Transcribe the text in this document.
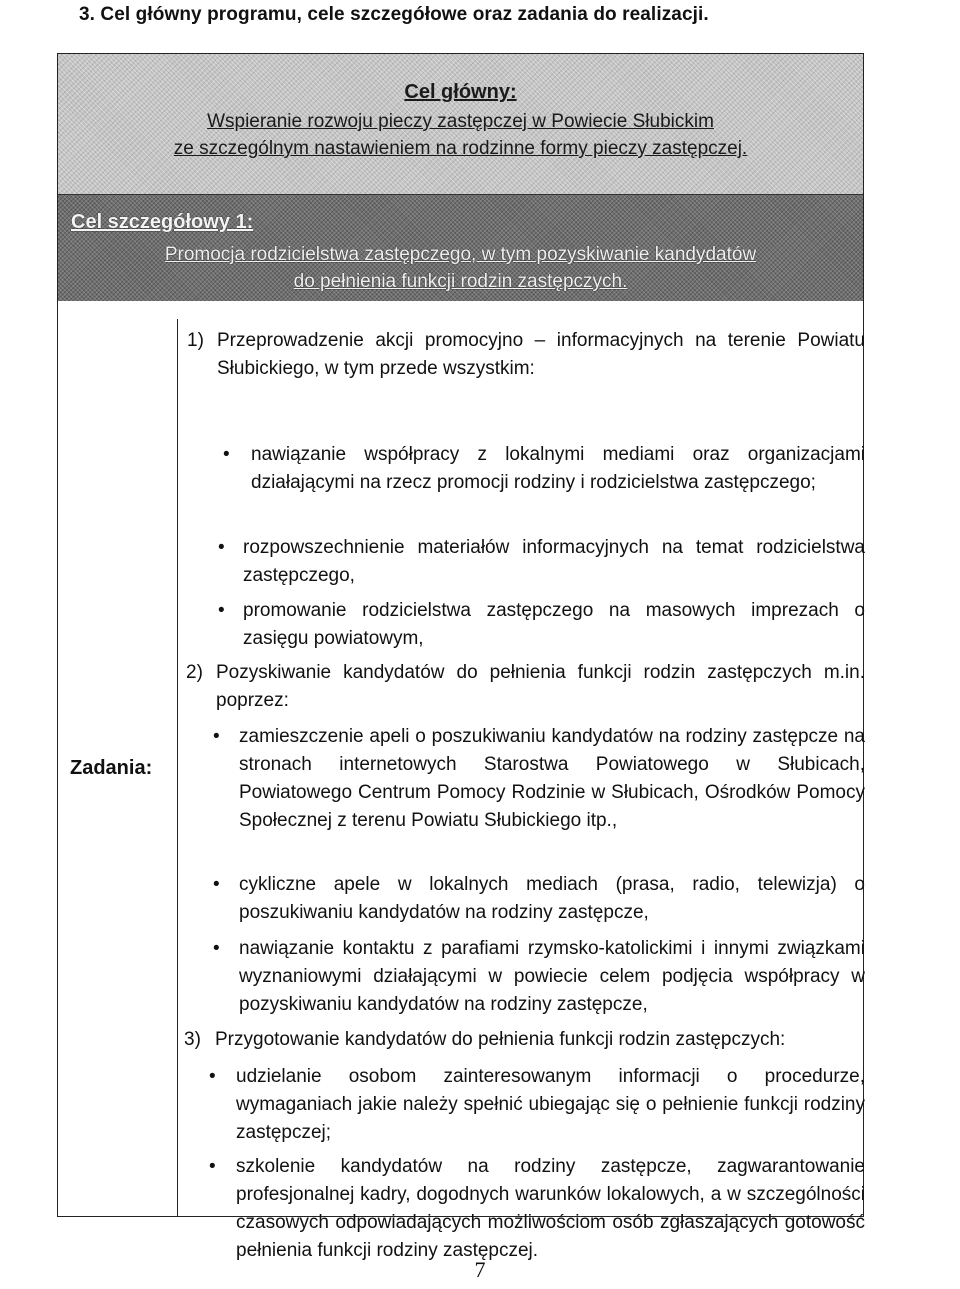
3. Cel główny programu, cele szczegółowe oraz zadania do realizacji.
Cel główny:
Wspieranie rozwoju pieczy zastępczej w Powiecie Słubickim
ze szczególnym nastawieniem na rodzinne formy pieczy zastępczej.
Cel szczegółowy 1:
Promocja rodzicielstwa zastępczego, w tym pozyskiwanie kandydatów
do pełnienia funkcji rodzin zastępczych.
Zadania:
1) Przeprowadzenie akcji promocyjno – informacyjnych na terenie Powiatu Słubickiego, w tym przede wszystkim:
• nawiązanie współpracy z lokalnymi mediami oraz organizacjami działającymi na rzecz promocji rodziny i rodzicielstwa zastępczego;
• rozpowszechnienie materiałów informacyjnych na temat rodzicielstwa zastępczego,
• promowanie rodzicielstwa zastępczego na masowych imprezach o zasięgu powiatowym,
2) Pozyskiwanie kandydatów do pełnienia funkcji rodzin zastępczych m.in. poprzez:
• zamieszczenie apeli o poszukiwaniu kandydatów na rodziny zastępcze na stronach internetowych Starostwa Powiatowego w Słubicach, Powiatowego Centrum Pomocy Rodzinie w Słubicach, Ośrodków Pomocy Społecznej z terenu Powiatu Słubickiego itp.,
• cykliczne apele w lokalnych mediach (prasa, radio, telewizja) o poszukiwaniu kandydatów na rodziny zastępcze,
• nawiązanie kontaktu z parafiami rzymsko-katolickimi i innymi związkami wyznaniowymi działającymi w powiecie celem podjęcia współpracy w pozyskiwaniu kandydatów na rodziny zastępcze,
3) Przygotowanie kandydatów do pełnienia funkcji rodzin zastępczych:
• udzielanie osobom zainteresowanym informacji o procedurze, wymaganiach jakie należy spełnić ubiegając się o pełnienie funkcji rodziny zastępczej;
• szkolenie kandydatów na rodziny zastępcze, zagwarantowanie profesjonalnej kadry, dogodnych warunków lokalowych, a w szczególności czasowych odpowiadających możliwościom osób zgłaszających gotowość pełnienia funkcji rodziny zastępczej.
7
